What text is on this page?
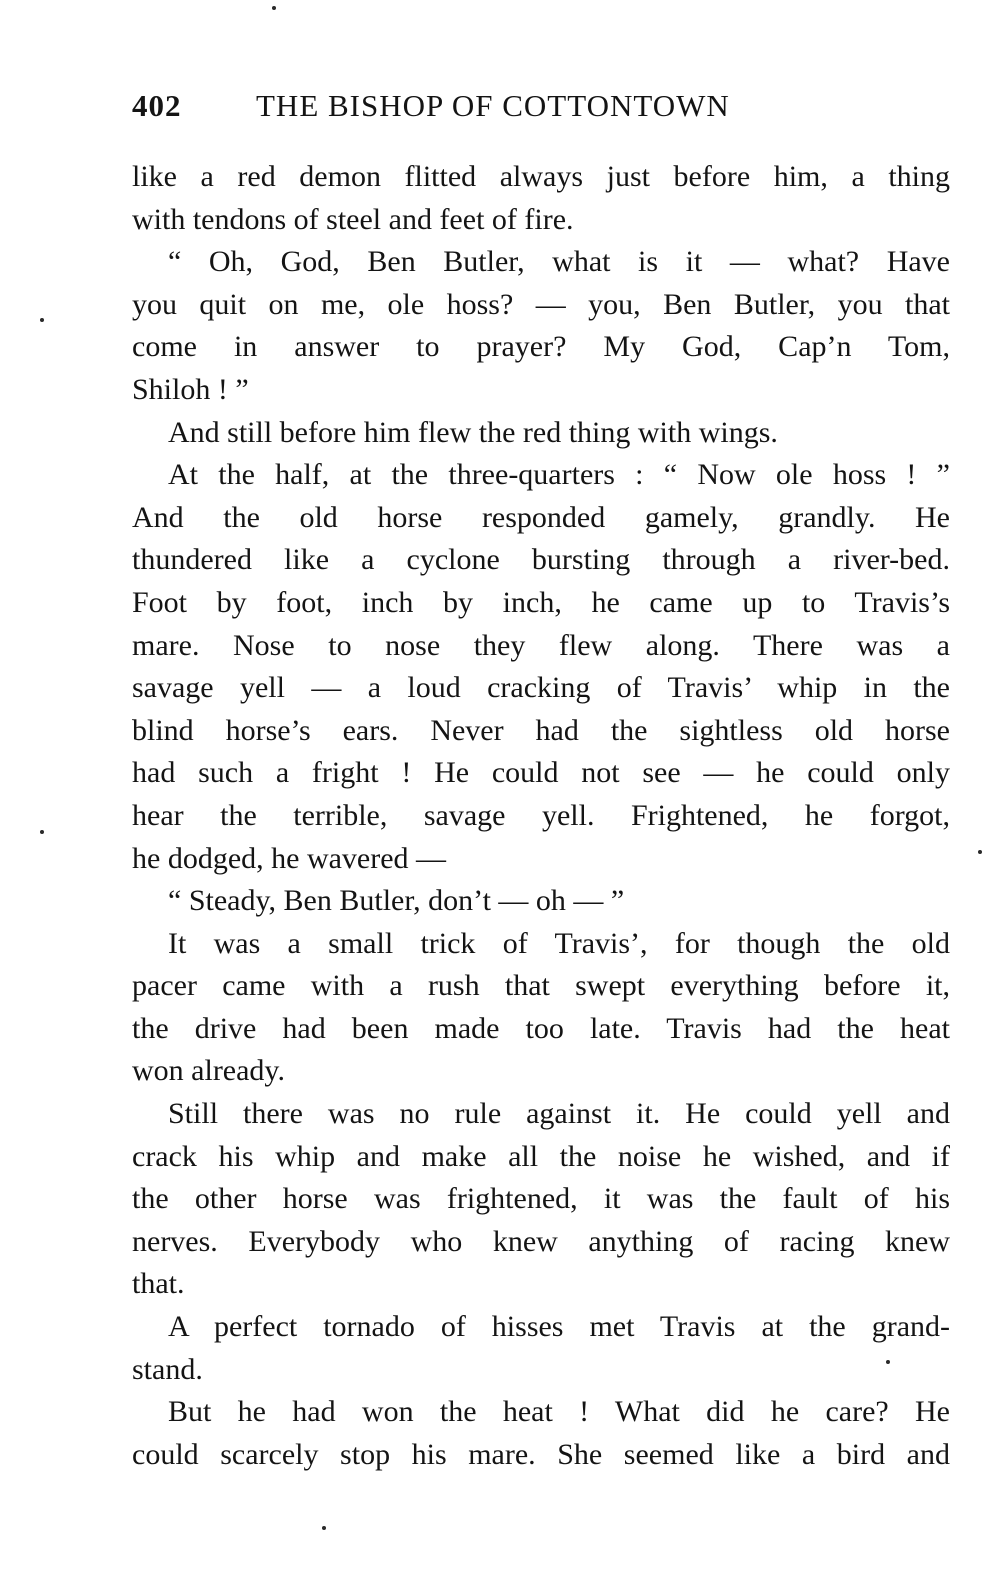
402 THE BISHOP OF COTTONTOWN
like a red demon flitted always just before him, a thing
with tendons of steel and feet of fire.
“ Oh, God, Ben Butler, what is it — what? Have
you quit on me, ole hoss? — you, Ben Butler, you that
come in answer to prayer? My God, Cap’n Tom,
Shiloh ! ”
And still before him flew the red thing with wings.
At the half, at the three-quarters : “ Now ole hoss ! ”
And the old horse responded gamely, grandly. He
thundered like a cyclone bursting through a river-bed.
Foot by foot, inch by inch, he came up to Travis’s
mare. Nose to nose they flew along. There was a
savage yell — a loud cracking of Travis’ whip in the
blind horse’s ears. Never had the sightless old horse
had such a fright ! He could not see — he could only
hear the terrible, savage yell. Frightened, he forgot,
he dodged, he wavered —
“ Steady, Ben Butler, don’t — oh — ”
It was a small trick of Travis’, for though the old
pacer came with a rush that swept everything before it,
the drive had been made too late. Travis had the heat
won already.
Still there was no rule against it. He could yell and
crack his whip and make all the noise he wished, and if
the other horse was frightened, it was the fault of his
nerves. Everybody who knew anything of racing knew
that.
A perfect tornado of hisses met Travis at the grand-
stand.
But he had won the heat ! What did he care? He
could scarcely stop his mare. She seemed like a bird and
